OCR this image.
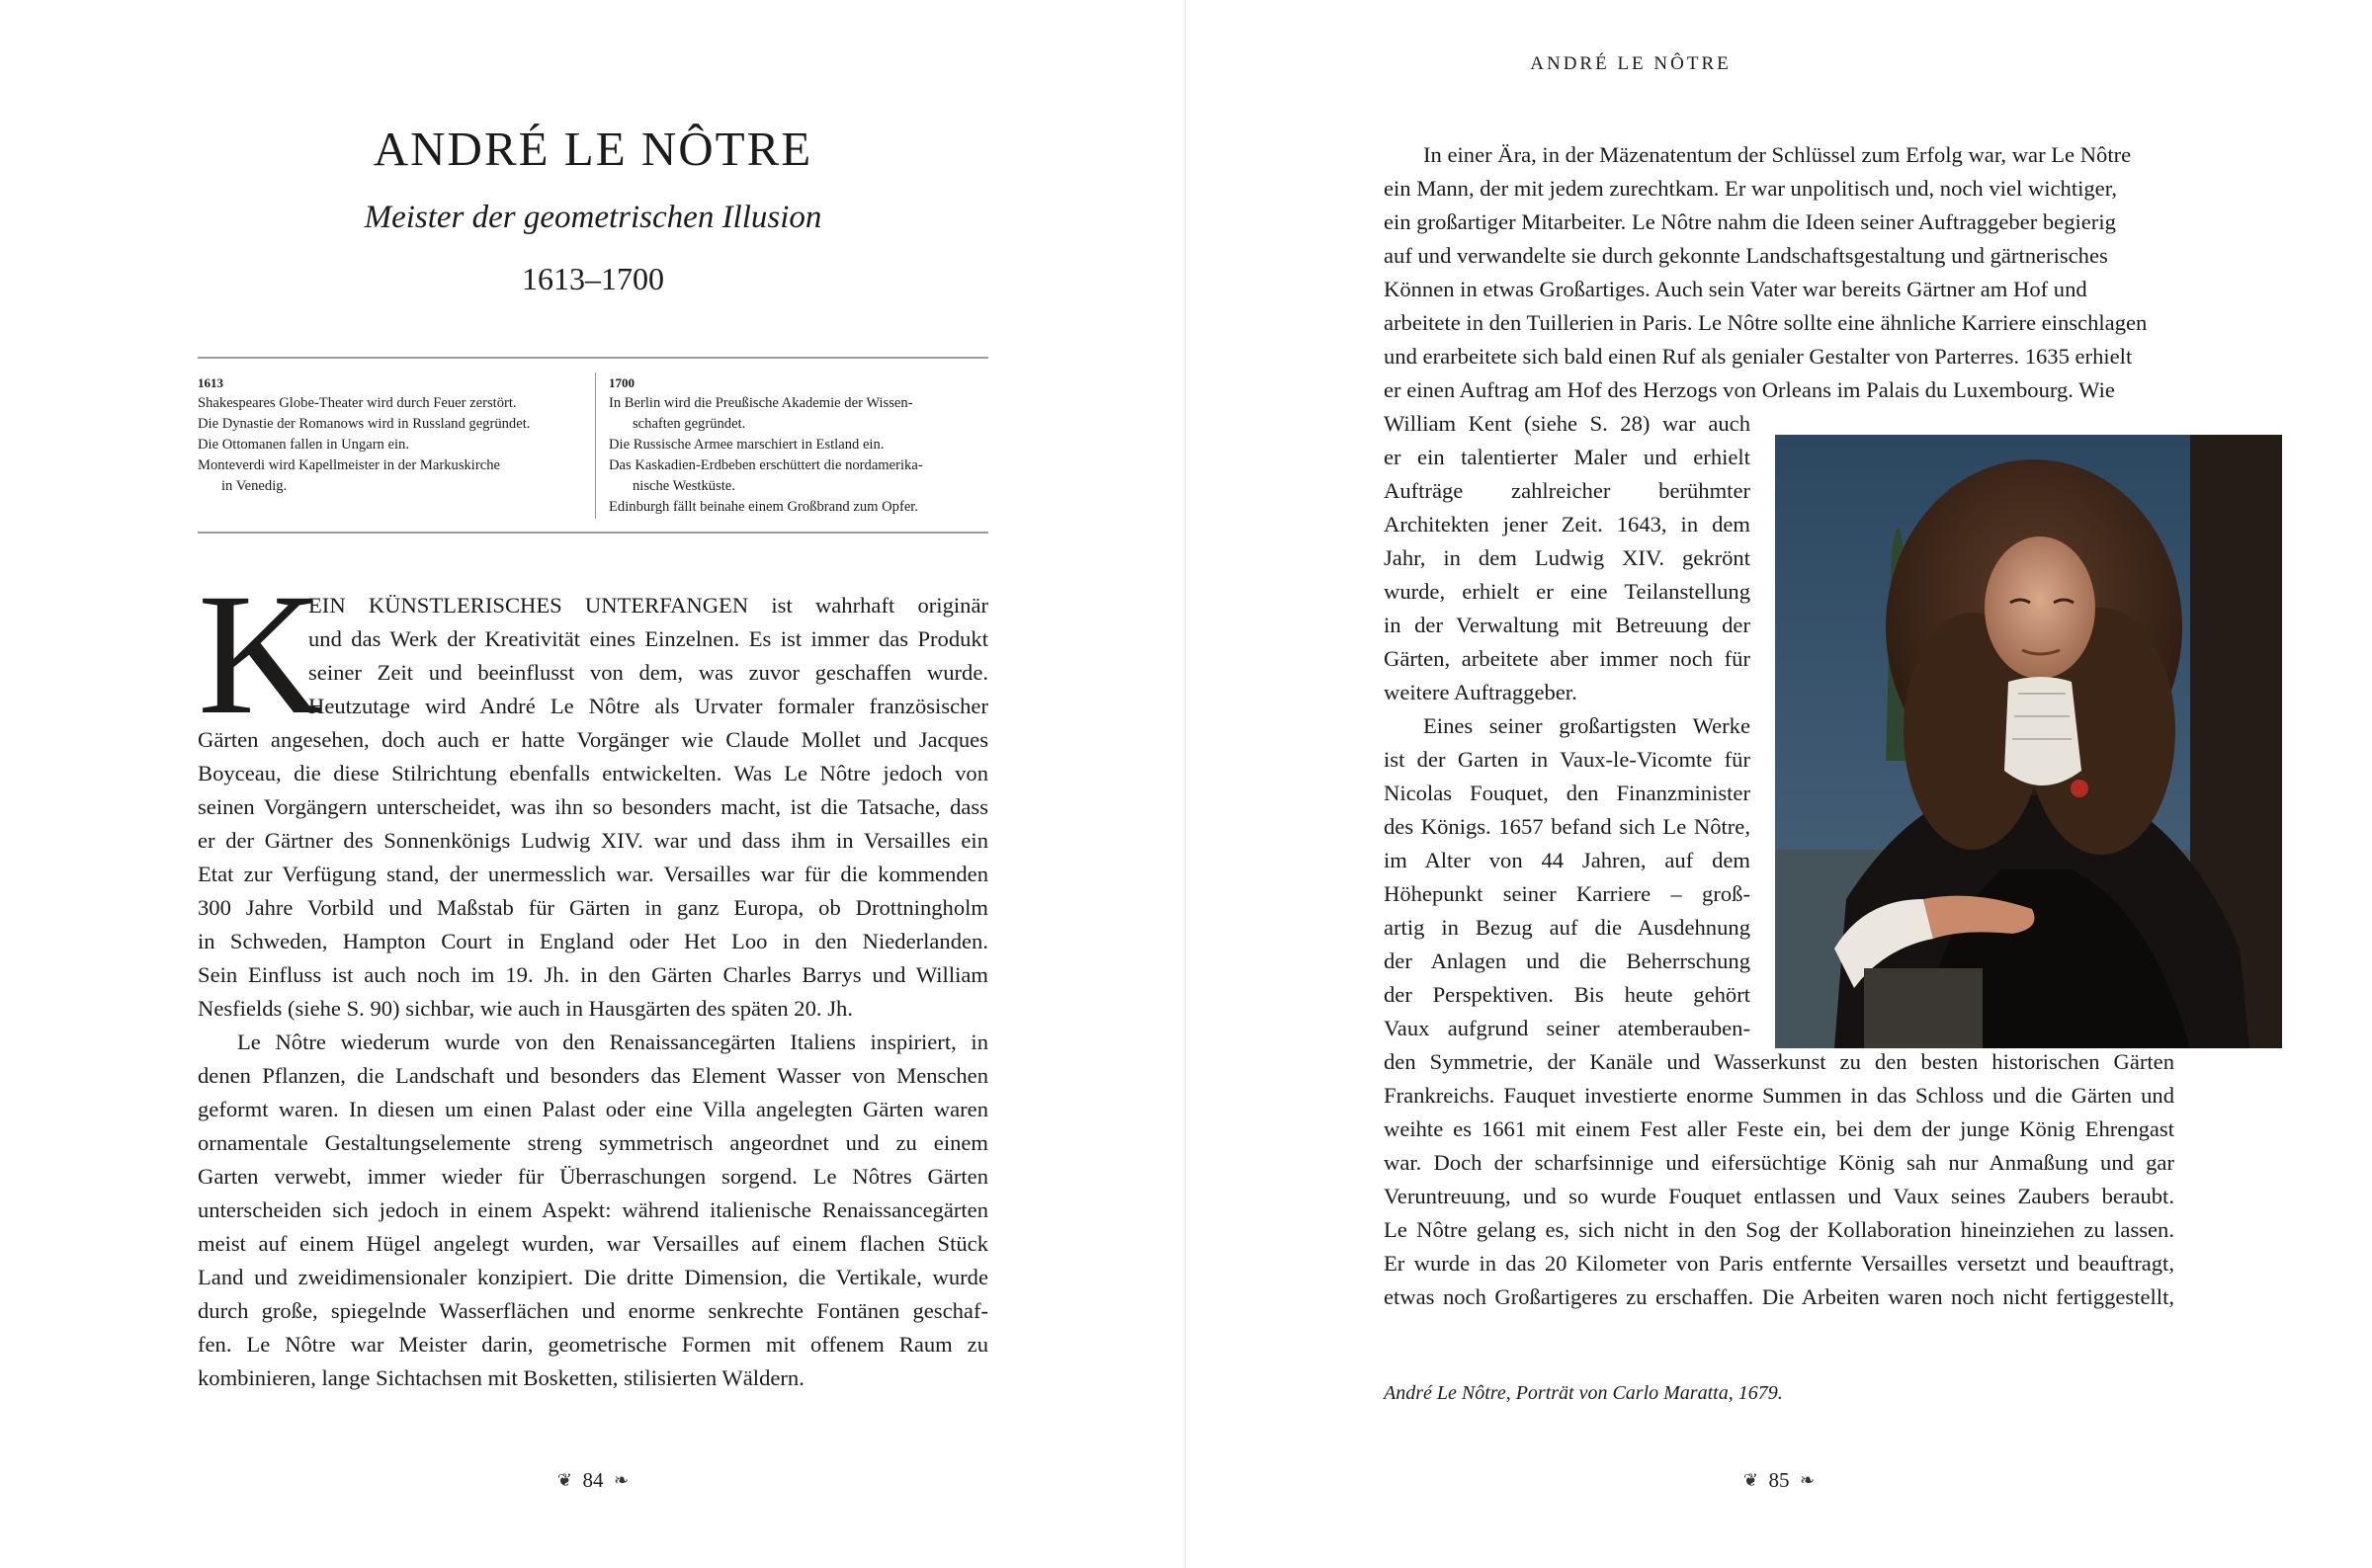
ANDRÉ LE NÔTRE
Meister der geometrischen Illusion
1613–1700
1613
Shakespeares Globe-Theater wird durch Feuer zerstört.
Die Dynastie der Romanows wird in Russland gegründet.
Die Ottomanen fallen in Ungarn ein.
Monteverdi wird Kapellmeister in der Markuskirche
in Venedig.
1700
In Berlin wird die Preußische Akademie der Wissen-
schaften gegründet.
Die Russische Armee marschiert in Estland ein.
Das Kaskadien-Erdbeben erschüttert die nordamerika-
nische Westküste.
Edinburgh fällt beinahe einem Großbrand zum Opfer.
K
EIN KÜNSTLERISCHES UNTERFANGEN ist wahrhaft originär
und das Werk der Kreativität eines Einzelnen. Es ist immer das Produkt
seiner Zeit und beeinflusst von dem, was zuvor geschaffen wurde.
Heutzutage wird André Le Nôtre als Urvater formaler französischer
Gärten angesehen, doch auch er hatte Vorgänger wie Claude Mollet und Jacques
Boyceau, die diese Stilrichtung ebenfalls entwickelten. Was Le Nôtre jedoch von
seinen Vorgängern unterscheidet, was ihn so besonders macht, ist die Tatsache, dass
er der Gärtner des Sonnenkönigs Ludwig XIV. war und dass ihm in Versailles ein
Etat zur Verfügung stand, der unermesslich war. Versailles war für die kommenden
300 Jahre Vorbild und Maßstab für Gärten in ganz Europa, ob Drottningholm
in Schweden, Hampton Court in England oder Het Loo in den Niederlanden.
Sein Einfluss ist auch noch im 19. Jh. in den Gärten Charles Barrys und William
Nesfields (siehe S. 90) sichbar, wie auch in Hausgärten des späten 20. Jh.
Le Nôtre wiederum wurde von den Renaissancegärten Italiens inspiriert, in
denen Pflanzen, die Landschaft und besonders das Element Wasser von Menschen
geformt waren. In diesen um einen Palast oder eine Villa angelegten Gärten waren
ornamentale Gestaltungselemente streng symmetrisch angeordnet und zu einem
Garten verwebt, immer wieder für Überraschungen sorgend. Le Nôtres Gärten
unterscheiden sich jedoch in einem Aspekt: während italienische Renaissancegärten
meist auf einem Hügel angelegt wurden, war Versailles auf einem flachen Stück
Land und zweidimensionaler konzipiert. Die dritte Dimension, die Vertikale, wurde
durch große, spiegelnde Wasserflächen und enorme senkrechte Fontänen geschaf-
fen. Le Nôtre war Meister darin, geometrische Formen mit offenem Raum zu
kombinieren, lange Sichtachsen mit Bosketten, stilisierten Wäldern.
❦ 84 ❧	❦ 85 ❧
ANDRÉ LE NÔTRE
In einer Ära, in der Mäzenatentum der Schlüssel zum Erfolg war, war Le Nôtre
ein Mann, der mit jedem zurechtkam. Er war unpolitisch und, noch viel wichtiger,
ein großartiger Mitarbeiter. Le Nôtre nahm die Ideen seiner Auftraggeber begierig
auf und verwandelte sie durch gekonnte Landschaftsgestaltung und gärtnerisches
Können in etwas Großartiges. Auch sein Vater war bereits Gärtner am Hof und
arbeitete in den Tuillerien in Paris. Le Nôtre sollte eine ähnliche Karriere einschlagen
und erarbeitete sich bald einen Ruf als genialer Gestalter von Parterres. 1635 erhielt
er einen Auftrag am Hof des Herzogs von Orleans im Palais du Luxembourg. Wie
William Kent (siehe S. 28) war auch
er ein talentierter Maler und erhielt
Aufträge zahlreicher berühmter
Architekten jener Zeit. 1643, in dem
Jahr, in dem Ludwig XIV. gekrönt
wurde, erhielt er eine Teilanstellung
in der Verwaltung mit Betreuung der
Gärten, arbeitete aber immer noch für
weitere Auftraggeber.
Eines seiner großartigsten Werke
ist der Garten in Vaux-le-Vicomte für
Nicolas Fouquet, den Finanzminister
des Königs. 1657 befand sich Le Nôtre,
im Alter von 44 Jahren, auf dem
Höhepunkt seiner Karriere – groß-
artig in Bezug auf die Ausdehnung
der Anlagen und die Beherrschung
der Perspektiven. Bis heute gehört
Vaux aufgrund seiner atemberauben-
den Symmetrie, der Kanäle und Wasserkunst zu den besten historischen Gärten
Frankreichs. Fauquet investierte enorme Summen in das Schloss und die Gärten und
weihte es 1661 mit einem Fest aller Feste ein, bei dem der junge König Ehrengast
war. Doch der scharfsinnige und eifersüchtige König sah nur Anmaßung und gar
Veruntreuung, und so wurde Fouquet entlassen und Vaux seines Zaubers beraubt.
Le Nôtre gelang es, sich nicht in den Sog der Kollaboration hineinziehen zu lassen.
Er wurde in das 20 Kilometer von Paris entfernte Versailles versetzt und beauftragt,
etwas noch Großartigeres zu erschaffen. Die Arbeiten waren noch nicht fertiggestellt,
André Le Nôtre, Porträt von Carlo Maratta, 1679.
